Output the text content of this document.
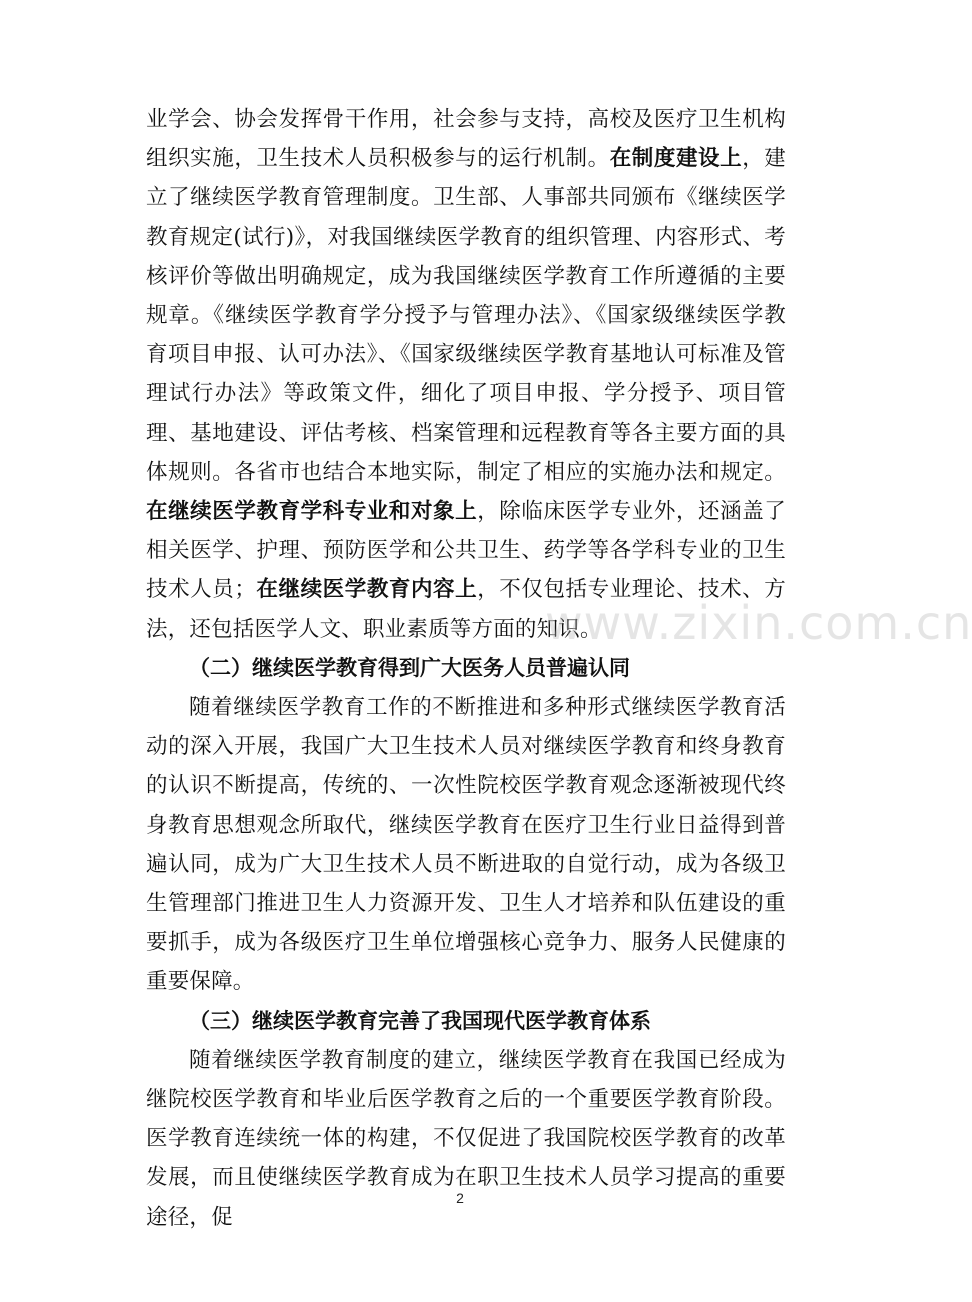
业学会、协会发挥骨干作用，社会参与支持，高校及医疗卫生机构组织实施，卫生技术人员积极参与的运行机制。在制度建设上，建立了继续医学教育管理制度。卫生部、人事部共同颁布《继续医学教育规定(试行)》，对我国继续医学教育的组织管理、内容形式、考核评价等做出明确规定，成为我国继续医学教育工作所遵循的主要规章。《继续医学教育学分授予与管理办法》、《国家级继续医学教育项目申报、认可办法》、《国家级继续医学教育基地认可标准及管理试行办法》等政策文件，细化了项目申报、学分授予、项目管理、基地建设、评估考核、档案管理和远程教育等各主要方面的具体规则。各省市也结合本地实际，制定了相应的实施办法和规定。在继续医学教育学科专业和对象上，除临床医学专业外，还涵盖了相关医学、护理、预防医学和公共卫生、药学等各学科专业的卫生技术人员；在继续医学教育内容上，不仅包括专业理论、技术、方法，还包括医学人文、职业素质等方面的知识。

（二）继续医学教育得到广大医务人员普遍认同

随着继续医学教育工作的不断推进和多种形式继续医学教育活动的深入开展，我国广大卫生技术人员对继续医学教育和终身教育的认识不断提高，传统的、一次性院校医学教育观念逐渐被现代终身教育思想观念所取代，继续医学教育在医疗卫生行业日益得到普遍认同，成为广大卫生技术人员不断进取的自觉行动，成为各级卫生管理部门推进卫生人力资源开发、卫生人才培养和队伍建设的重要抓手，成为各级医疗卫生单位增强核心竞争力、服务人民健康的重要保障。

（三）继续医学教育完善了我国现代医学教育体系

随着继续医学教育制度的建立，继续医学教育在我国已经成为继院校医学教育和毕业后医学教育之后的一个重要医学教育阶段。医学教育连续统一体的构建，不仅促进了我国院校医学教育的改革发展，而且使继续医学教育成为在职卫生技术人员学习提高的重要途径，促

www.zixin.com.cn
2
